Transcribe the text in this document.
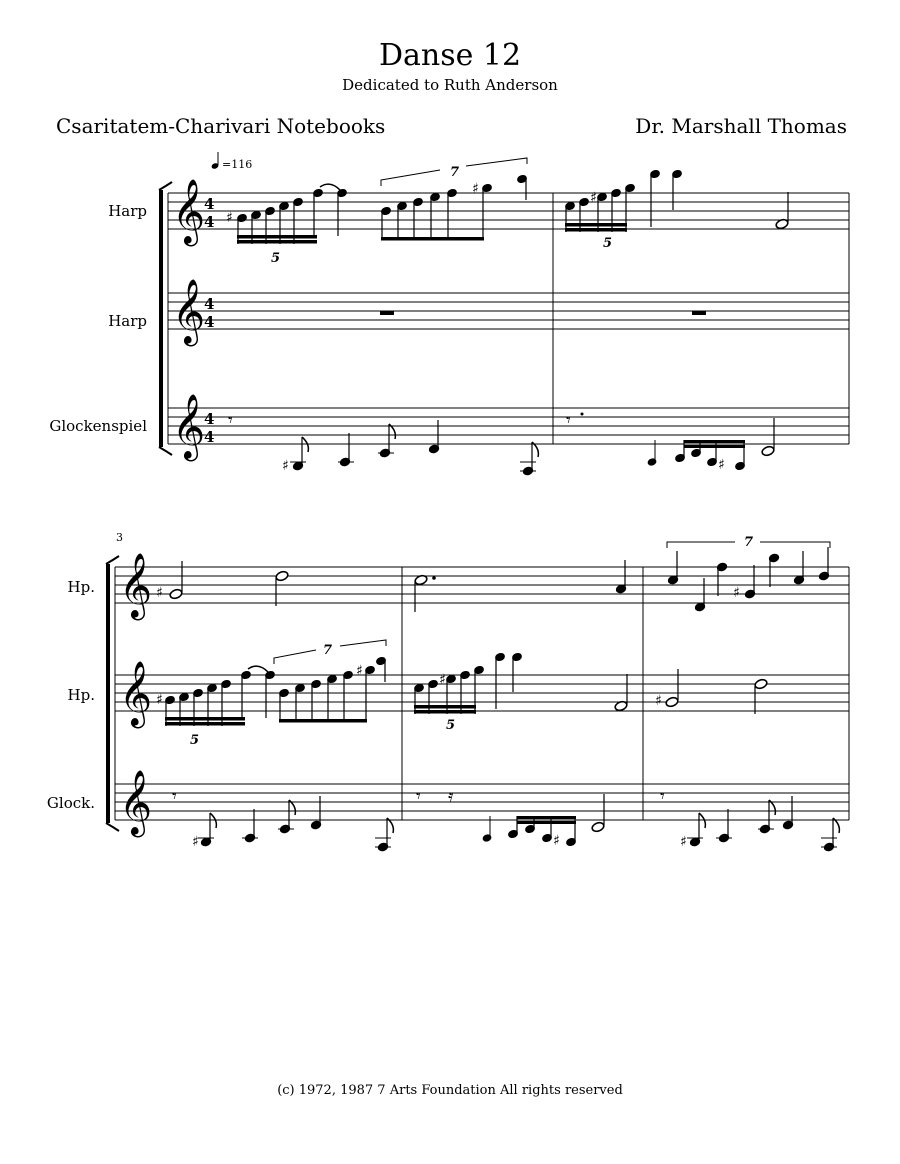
Danse 12
Dedicated to Ruth Anderson
Csaritatem-Charivari Notebooks	Dr. Marshall Thomas
Harp
Harp
Glockenspiel
𝄞
𝄞
𝄞
4
4
4
4
4
4
=116
♯
♯
5
7
♯
5
𝄾
♯
𝄾
♯
3
Hp.
Hp.
Glock.
𝄞
𝄞
𝄞
♯	♯
7
♯
♯
♯
♯
5
7
5
𝄾
♯
𝄾 𝄿
♯
𝄾
♯
(c) 1972, 1987 7 Arts Foundation All rights reserved
